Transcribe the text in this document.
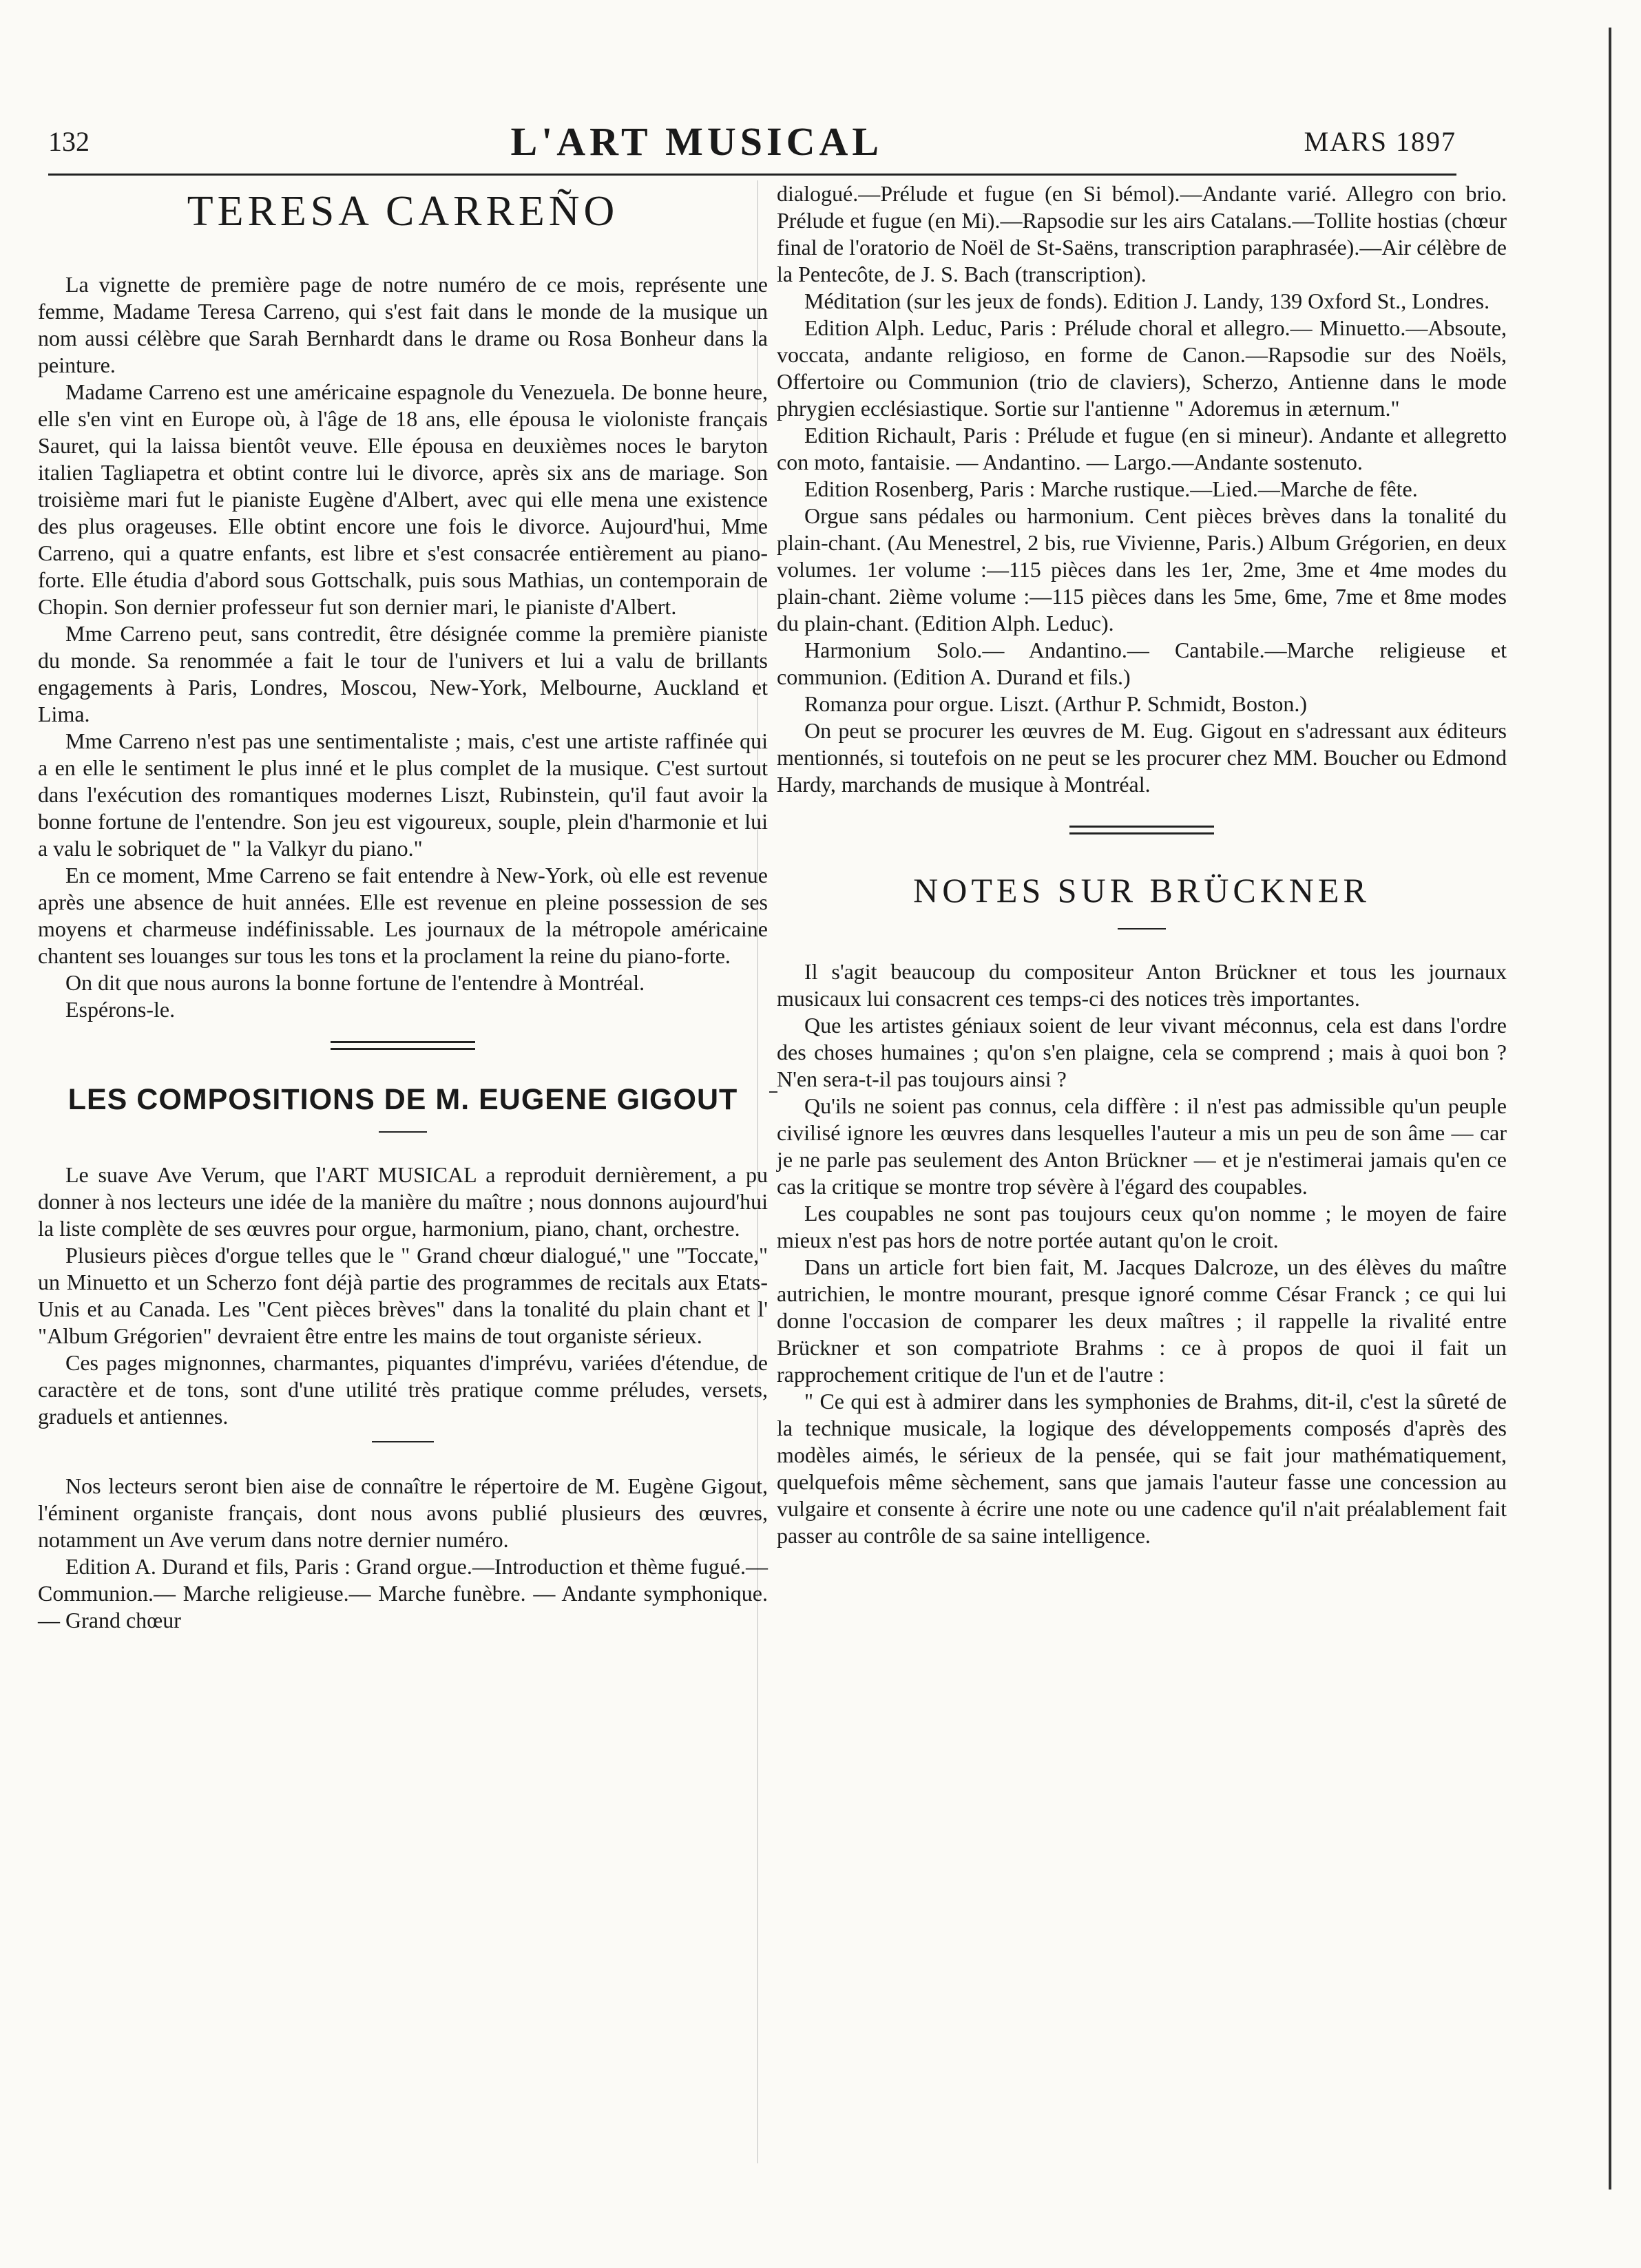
132	L'ART MUSICAL	MARS 1897
TERESA CARREÑO

La vignette de première page de notre numéro de ce mois, représente une femme, Madame Teresa Carreno, qui s'est fait dans le monde de la musique un nom aussi célèbre que Sarah Bernhardt dans le drame ou Rosa Bonheur dans la peinture.

Madame Carreno est une américaine espagnole du Venezuela. De bonne heure, elle s'en vint en Europe où, à l'âge de 18 ans, elle épousa le violoniste français Sauret, qui la laissa bientôt veuve. Elle épousa en deuxièmes noces le baryton italien Tagliapetra et obtint contre lui le divorce, après six ans de mariage. Son troisième mari fut le pianiste Eugène d'Albert, avec qui elle mena une existence des plus orageuses. Elle obtint encore une fois le divorce. Aujourd'hui, Mme Carreno, qui a quatre enfants, est libre et s'est consacrée entièrement au piano-forte. Elle étudia d'abord sous Gottschalk, puis sous Mathias, un contemporain de Chopin. Son dernier professeur fut son dernier mari, le pianiste d'Albert.

Mme Carreno peut, sans contredit, être désignée comme la première pianiste du monde. Sa renommée a fait le tour de l'univers et lui a valu de brillants engagements à Paris, Londres, Moscou, New-York, Melbourne, Auckland et Lima.

Mme Carreno n'est pas une sentimentaliste ; mais, c'est une artiste raffinée qui a en elle le sentiment le plus inné et le plus complet de la musique. C'est surtout dans l'exécution des romantiques modernes Liszt, Rubinstein, qu'il faut avoir la bonne fortune de l'entendre. Son jeu est vigoureux, souple, plein d'harmonie et lui a valu le sobriquet de " la Valkyr du piano."

En ce moment, Mme Carreno se fait entendre à New-York, où elle est revenue après une absence de huit années. Elle est revenue en pleine possession de ses moyens et charmeuse indéfinissable. Les journaux de la métropole américaine chantent ses louanges sur tous les tons et la proclament la reine du piano-forte.

On dit que nous aurons la bonne fortune de l'entendre à Montréal.

Espérons-le.

LES COMPOSITIONS DE M. EUGENE GIGOUT

Le suave Ave Verum, que l'ART MUSICAL a reproduit dernièrement, a pu donner à nos lecteurs une idée de la manière du maître ; nous donnons aujourd'hui la liste complète de ses œuvres pour orgue, harmonium, piano, chant, orchestre.

Plusieurs pièces d'orgue telles que le " Grand chœur dialogué," une "Toccate," un Minuetto et un Scherzo font déjà partie des programmes de recitals aux Etats-Unis et au Canada. Les "Cent pièces brèves" dans la tonalité du plain chant et l' "Album Grégorien" devraient être entre les mains de tout organiste sérieux.

Ces pages mignonnes, charmantes, piquantes d'imprévu, variées d'étendue, de caractère et de tons, sont d'une utilité très pratique comme préludes, versets, graduels et antiennes.

Nos lecteurs seront bien aise de connaître le répertoire de M. Eugène Gigout, l'éminent organiste français, dont nous avons publié plusieurs des œuvres, notamment un Ave verum dans notre dernier numéro.

Edition A. Durand et fils, Paris : Grand orgue.—Introduction et thème fugué.— Communion.— Marche religieuse.— Marche funèbre. — Andante symphonique. — Grand chœur

dialogué.—Prélude et fugue (en Si bémol).—Andante varié. Allegro con brio. Prélude et fugue (en Mi).—Rapsodie sur les airs Catalans.—Tollite hostias (chœur final de l'oratorio de Noël de St-Saëns, transcription paraphrasée).—Air célèbre de la Pentecôte, de J. S. Bach (transcription).

Méditation (sur les jeux de fonds). Edition J. Landy, 139 Oxford St., Londres.

Edition Alph. Leduc, Paris : Prélude choral et allegro.— Minuetto.—Absoute, voccata, andante religioso, en forme de Canon.—Rapsodie sur des Noëls, Offertoire ou Communion (trio de claviers), Scherzo, Antienne dans le mode phrygien ecclésiastique. Sortie sur l'antienne " Adoremus in æternum."

Edition Richault, Paris : Prélude et fugue (en si mineur). Andante et allegretto con moto, fantaisie. — Andantino. — Largo.—Andante sostenuto.

Edition Rosenberg, Paris : Marche rustique.—Lied.—Marche de fête.

Orgue sans pédales ou harmonium. Cent pièces brèves dans la tonalité du plain-chant. (Au Menestrel, 2 bis, rue Vivienne, Paris.) Album Grégorien, en deux volumes. 1er volume :—115 pièces dans les 1er, 2me, 3me et 4me modes du plain-chant. 2ième volume :—115 pièces dans les 5me, 6me, 7me et 8me modes du plain-chant. (Edition Alph. Leduc).

Harmonium Solo.— Andantino.— Cantabile.—Marche religieuse et communion. (Edition A. Durand et fils.)

Romanza pour orgue. Liszt. (Arthur P. Schmidt, Boston.)

On peut se procurer les œuvres de M. Eug. Gigout en s'adressant aux éditeurs mentionnés, si toutefois on ne peut se les procurer chez MM. Boucher ou Edmond Hardy, marchands de musique à Montréal.

NOTES SUR BRÜCKNER

Il s'agit beaucoup du compositeur Anton Brückner et tous les journaux musicaux lui consacrent ces temps-ci des notices très importantes.

Que les artistes géniaux soient de leur vivant méconnus, cela est dans l'ordre des choses humaines ; qu'on s'en plaigne, cela se comprend ; mais à quoi bon ? N'en sera-t-il pas toujours ainsi ?

Qu'ils ne soient pas connus, cela diffère : il n'est pas admissible qu'un peuple civilisé ignore les œuvres dans lesquelles l'auteur a mis un peu de son âme — car je ne parle pas seulement des Anton Brückner — et je n'estimerai jamais qu'en ce cas la critique se montre trop sévère à l'égard des coupables.

Les coupables ne sont pas toujours ceux qu'on nomme ; le moyen de faire mieux n'est pas hors de notre portée autant qu'on le croit.

Dans un article fort bien fait, M. Jacques Dalcroze, un des élèves du maître autrichien, le montre mourant, presque ignoré comme César Franck ; ce qui lui donne l'occasion de comparer les deux maîtres ; il rappelle la rivalité entre Brückner et son compatriote Brahms : ce à propos de quoi il fait un rapprochement critique de l'un et de l'autre :

" Ce qui est à admirer dans les symphonies de Brahms, dit-il, c'est la sûreté de la technique musicale, la logique des développements composés d'après des modèles aimés, le sérieux de la pensée, qui se fait jour mathématiquement, quelquefois même sèchement, sans que jamais l'auteur fasse une concession au vulgaire et consente à écrire une note ou une cadence qu'il n'ait préalablement fait passer au contrôle de sa saine intelligence.
